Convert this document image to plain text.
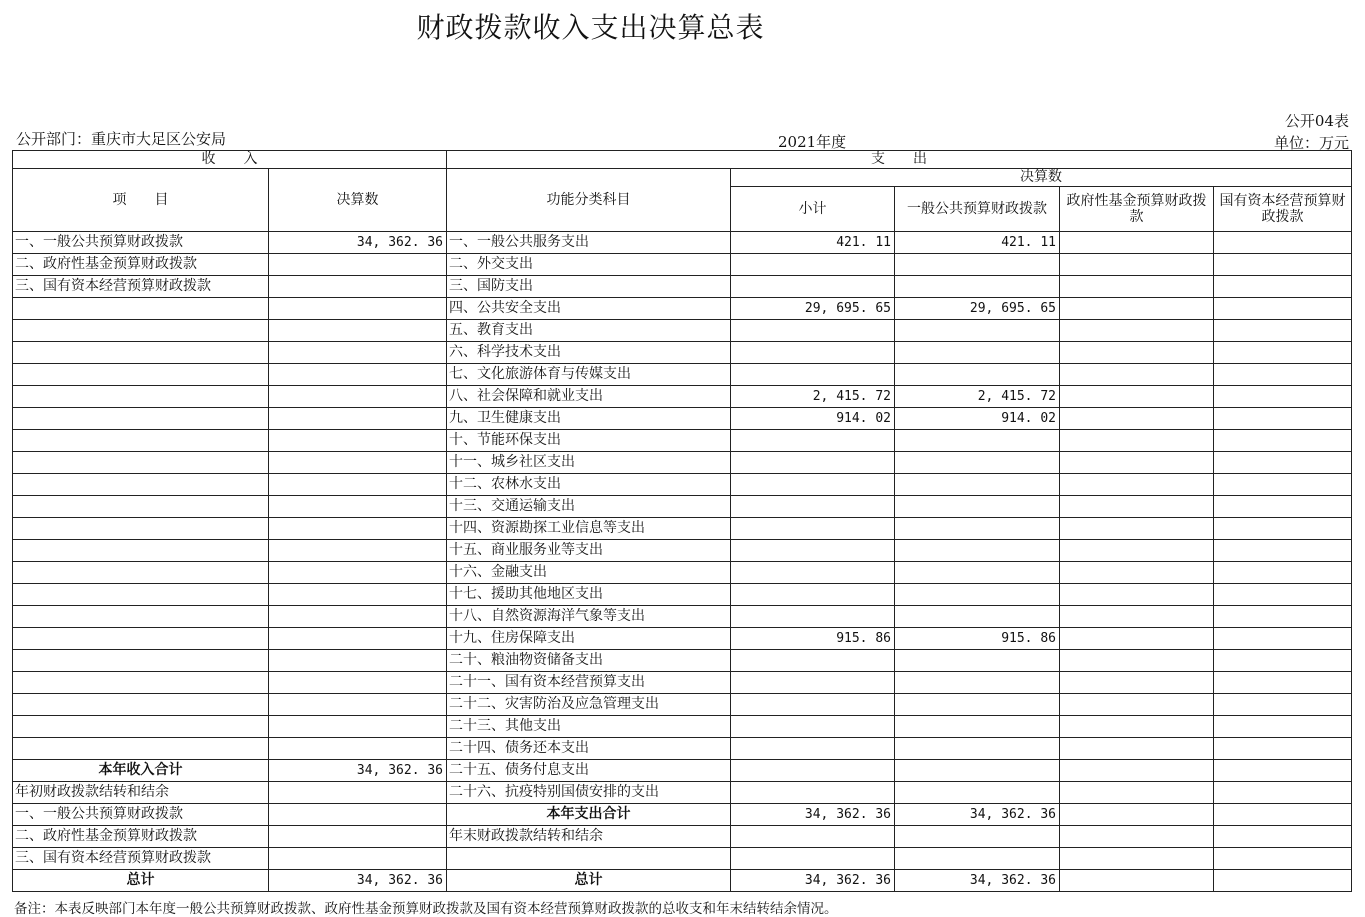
财政拨款收入支出决算总表
公开04表
单位：万元
公开部门：重庆市大足区公安局	2021年度
收　　入		支　　出				
项　　目	决算数	功能分类科目	决算数			
			小计	一般公共预算财政拨款	政府性基金预算财政拨款	国有资本经营预算财政拨款

一、一般公共预算财政拨款	34, 362. 36	一、一般公共服务支出	421. 11	421. 11		
二、政府性基金预算财政拨款		二、外交支出				
三、国有资本经营预算财政拨款		三、国防支出				
		四、公共安全支出	29, 695. 65	29, 695. 65		
		五、教育支出				
		六、科学技术支出				
		七、文化旅游体育与传媒支出				
		八、社会保障和就业支出	2, 415. 72	2, 415. 72		
		九、卫生健康支出	914. 02	914. 02		
		十、节能环保支出				
		十一、城乡社区支出				
		十二、农林水支出				
		十三、交通运输支出				
		十四、资源勘探工业信息等支出				
		十五、商业服务业等支出				
		十六、金融支出				
		十七、援助其他地区支出				
		十八、自然资源海洋气象等支出				
		十九、住房保障支出	915. 86	915. 86		
		二十、粮油物资储备支出				
		二十一、国有资本经营预算支出				
		二十二、灾害防治及应急管理支出				
		二十三、其他支出				
		二十四、债务还本支出				
本年收入合计	34, 362. 36	二十五、债务付息支出				
年初财政拨款结转和结余		二十六、抗疫特别国债安排的支出				
一、一般公共预算财政拨款		本年支出合计	34, 362. 36	34, 362. 36		
二、政府性基金预算财政拨款		年末财政拨款结转和结余				
三、国有资本经营预算财政拨款						
总计	34, 362. 36	总计	34, 362. 36	34, 362. 36		
备注：本表反映部门本年度一般公共预算财政拨款、政府性基金预算财政拨款及国有资本经营预算财政拨款的总收支和年末结转结余情况。
